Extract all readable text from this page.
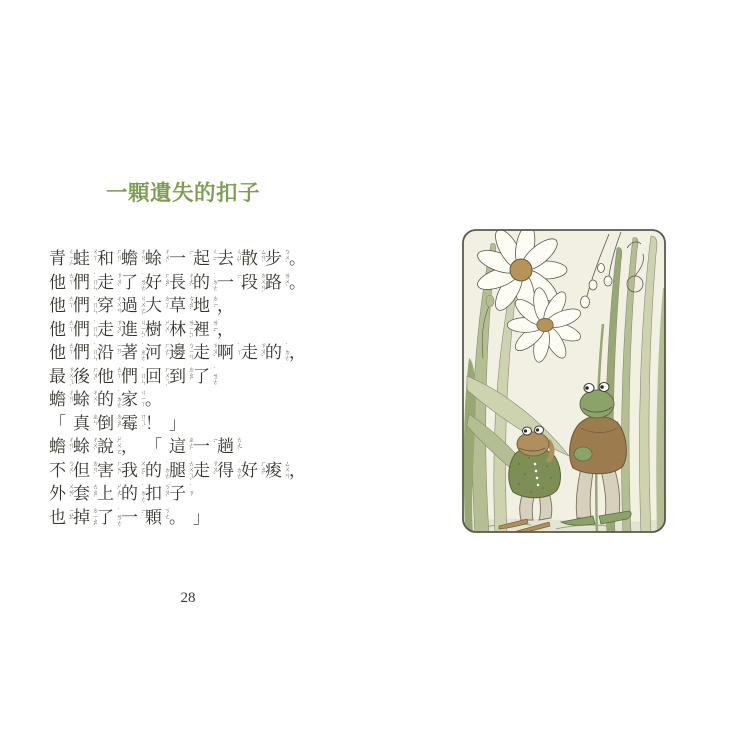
一顆遺失的扣子
青 ㄑㄧㄥ 蛙 ㄨㄚ 和 ㄏㄢˋ 蟾 ㄔㄢˊ 蜍 ㄔㄨˊ 一 ㄧˋ 起 ㄑㄧˇ 去 ㄑㄩˋ 散 ㄙㄢˋ 步 ㄅㄨˋ 。
他 ㄊㄚ 們 ˙ㄇㄣ 走 ㄗㄡˇ 了 ˙ㄌㄜ 好 ㄏㄠˇ 長 ㄔㄤˊ 的 ˙ㄉㄜ 一 ㄧˊ 段 ㄉㄨㄢˋ 路 ㄌㄨˋ 。
他 ㄊㄚ 們 ˙ㄇㄣ 穿 ㄔㄨㄢ 過 ㄍㄨㄛˋ 大 ㄉㄚˋ 草 ㄘㄠˇ 地 ㄉㄧˋ ，
他 ㄊㄚ 們 ˙ㄇㄣ 走 ㄗㄡˇ 進 ㄐㄧㄣˋ 樹 ㄕㄨˋ 林 ㄌㄧㄣˊ 裡 ㄌㄧˇ ，
他 ㄊㄚ 們 ˙ㄇㄣ 沿 ㄧㄢˊ 著 ˙ㄓㄜ 河 ㄏㄜˊ 邊 ㄅㄧㄢ 走 ㄗㄡˇ 啊 ˙ㄚ 走 ㄗㄡˇ 的 ˙ㄉㄜ ，
最 ㄗㄨㄟˋ 後 ㄏㄡˋ 他 ㄊㄚ 們 ˙ㄇㄣ 回 ㄏㄨㄟˊ 到 ㄉㄠˋ 了 ˙ㄌㄜ
蟾 ㄔㄢˊ 蜍 ㄔㄨˊ 的 ˙ㄉㄜ 家 ㄐㄧㄚ 。
「 真 ㄓㄣ 倒 ㄉㄠˇ 霉 ㄇㄟˊ ！ 」
蟾 ㄔㄢˊ 蜍 ㄔㄨˊ 說 ㄕㄨㄛ ， 「 這 ㄓㄜˋ 一 ㄧˊ 趟 ㄊㄤˋ
不 ㄅㄨˊ 但 ㄉㄢˋ 害 ㄏㄞˋ 我 ㄨㄛˇ 的 ˙ㄉㄜ 腿 ㄊㄨㄟˇ 走 ㄗㄡˇ 得 ˙ㄉㄜ 好 ㄏㄠˇ 痠 ㄙㄨㄢ ，
外 ㄨㄞˋ 套 ㄊㄠˋ 上 ㄕㄤˋ 的 ˙ㄉㄜ 扣 ㄎㄡˋ 子 ˙ㄗ
也 ㄧㄝˇ 掉 ㄉㄧㄠˋ 了 ˙ㄌㄜ 一 ㄧˋ 顆 ㄎㄜ 。 」
28
